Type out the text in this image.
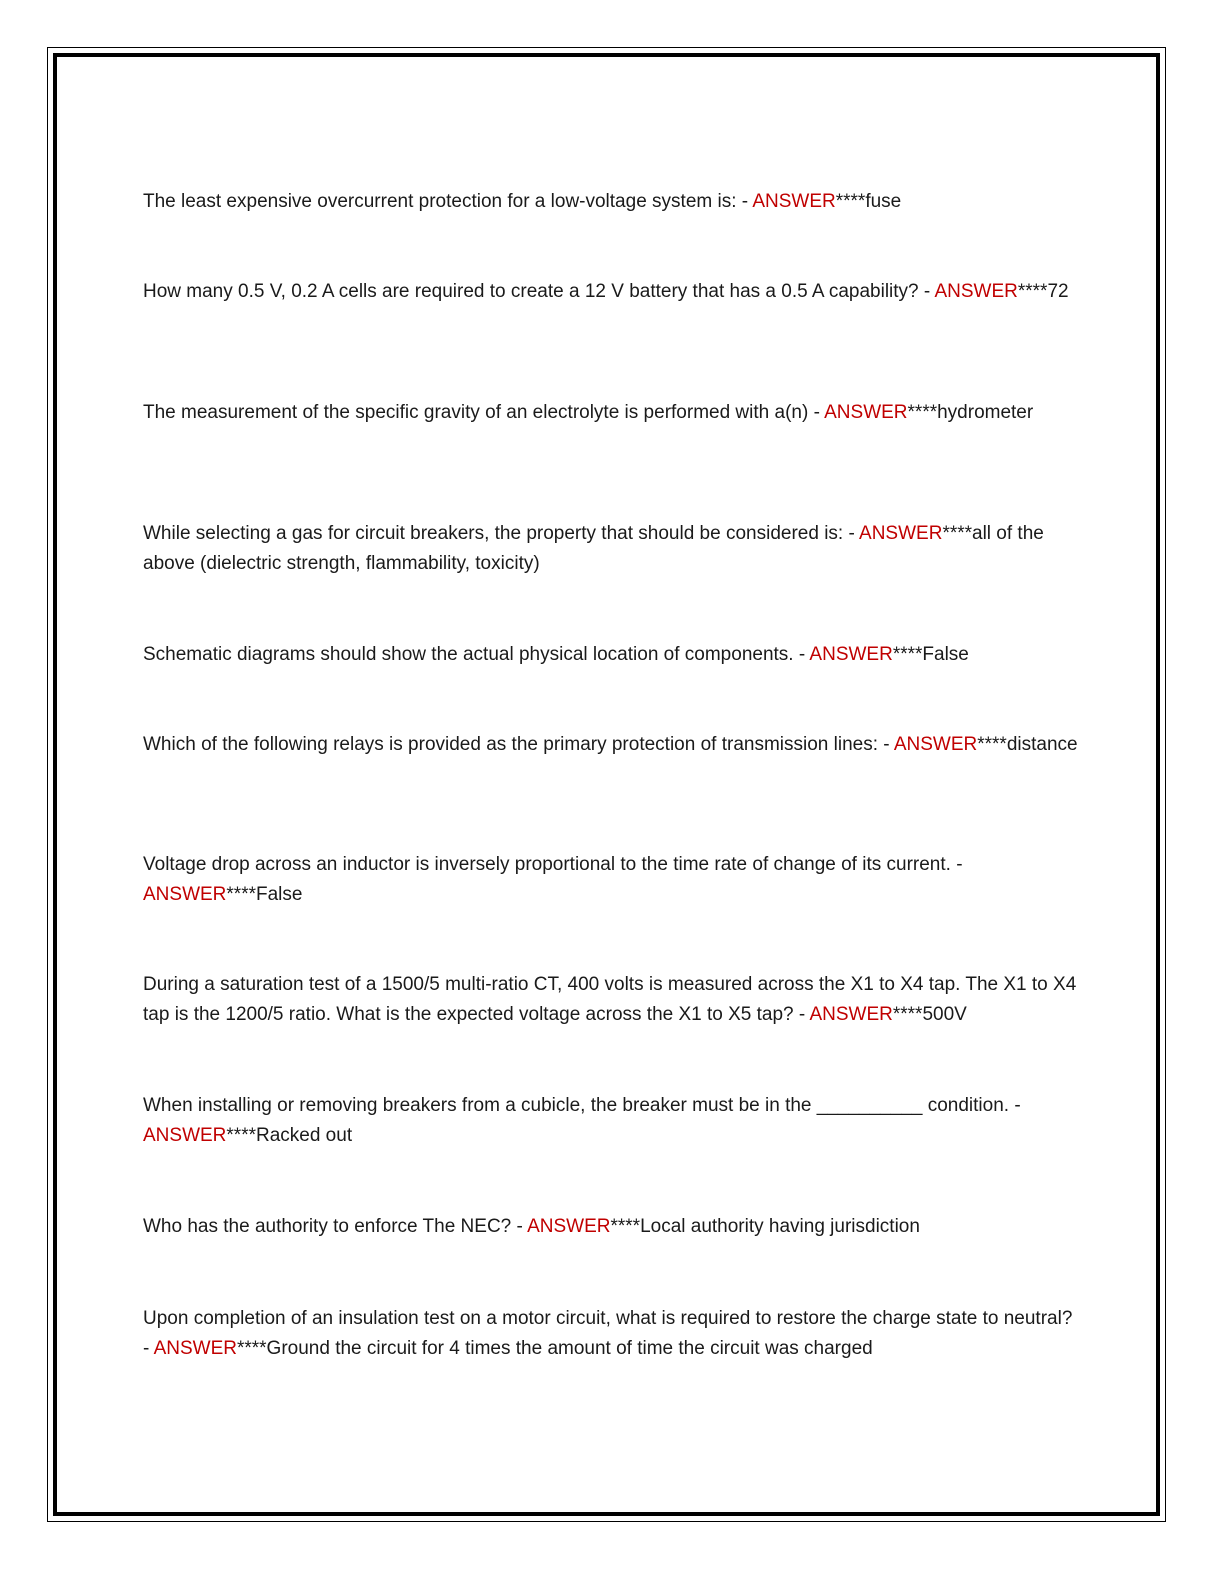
The least expensive overcurrent protection for a low-voltage system is: - ANSWER****fuse

How many 0.5 V, 0.2 A cells are required to create a 12 V battery that has a 0.5 A capability? - ANSWER****72

The measurement of the specific gravity of an electrolyte is performed with a(n) - ANSWER****hydrometer

While selecting a gas for circuit breakers, the property that should be considered is: - ANSWER****all of the above (dielectric strength, flammability, toxicity)

Schematic diagrams should show the actual physical location of components. - ANSWER****False

Which of the following relays is provided as the primary protection of transmission lines: - ANSWER****distance

Voltage drop across an inductor is inversely proportional to the time rate of change of its current. - ANSWER****False

During a saturation test of a 1500/5 multi-ratio CT, 400 volts is measured across the X1 to X4 tap. The X1 to X4 tap is the 1200/5 ratio. What is the expected voltage across the X1 to X5 tap? - ANSWER****500V

When installing or removing breakers from a cubicle, the breaker must be in the __________ condition. - ANSWER****Racked out

Who has the authority to enforce The NEC? - ANSWER****Local authority having jurisdiction

Upon completion of an insulation test on a motor circuit, what is required to restore the charge state to neutral? - ANSWER****Ground the circuit for 4 times the amount of time the circuit was charged
